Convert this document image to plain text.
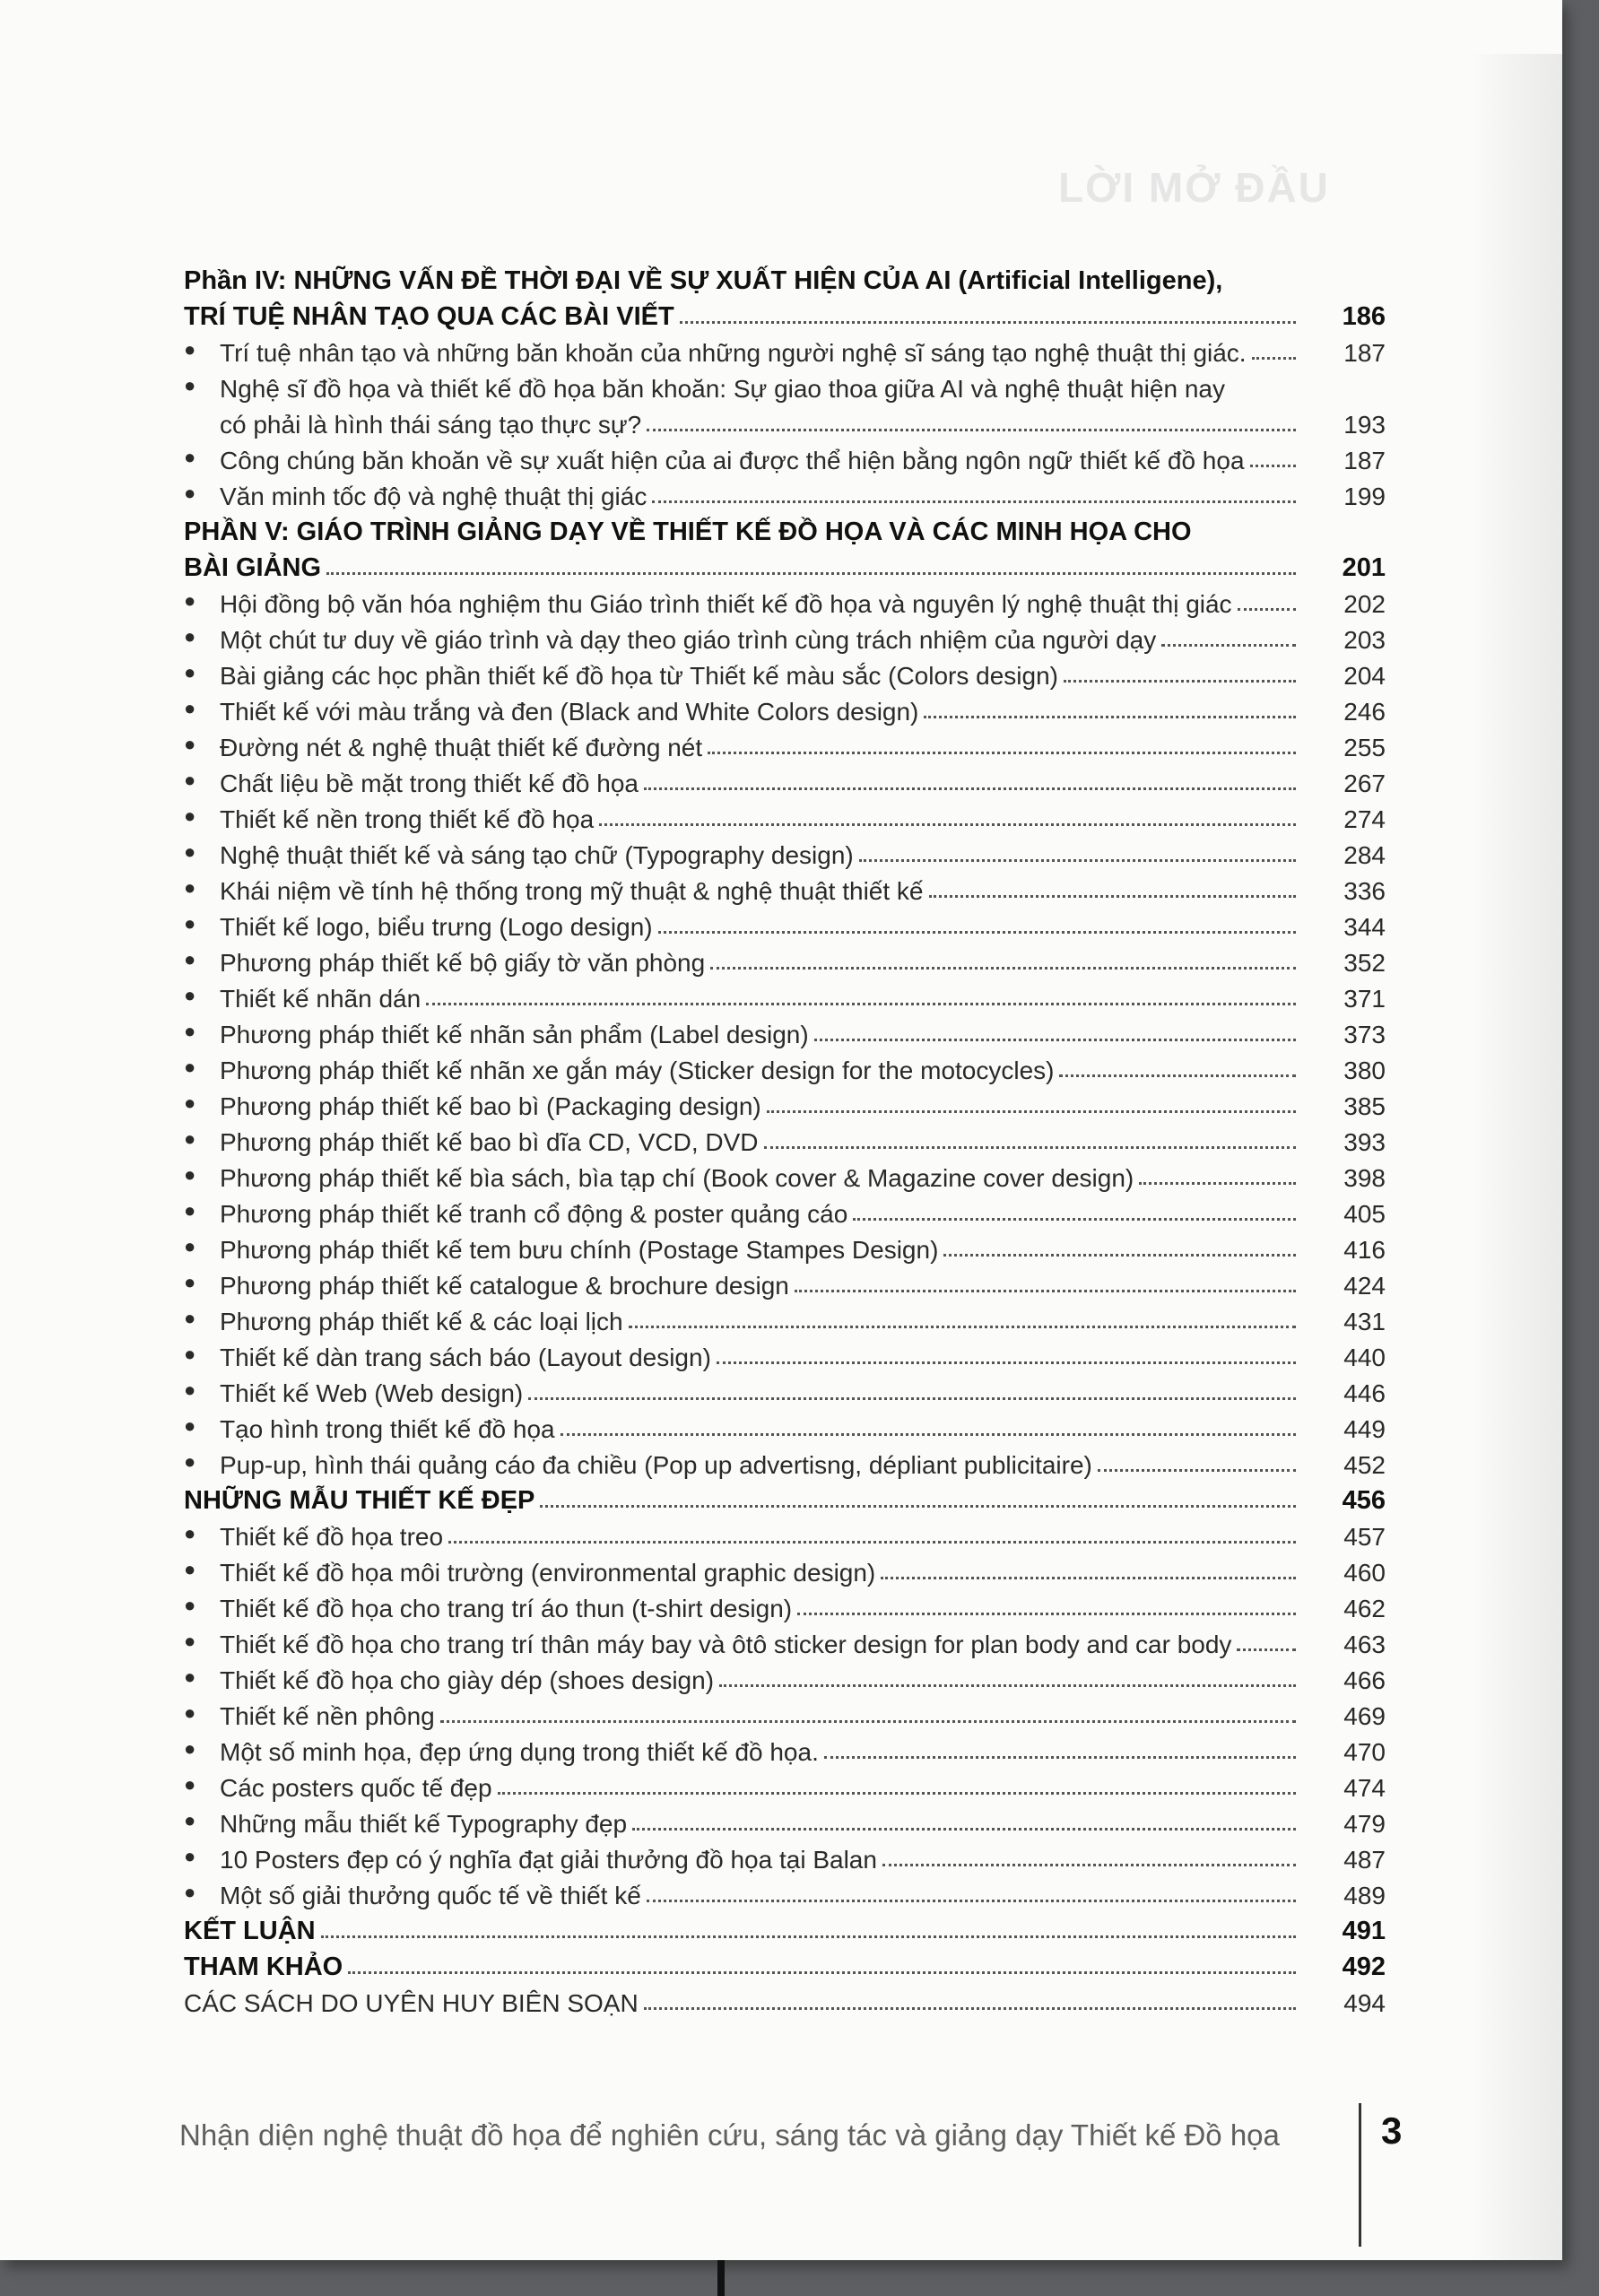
LỜI MỞ ĐẦU
Phần IV: NHỮNG VẤN ĐỀ THỜI ĐẠI VỀ SỰ XUẤT HIỆN CỦA AI (Artificial Intelligene),
TRÍ TUỆ NHÂN TẠO QUA CÁC BÀI VIẾT	186
● Trí tuệ nhân tạo và những băn khoăn của những người nghệ sĩ sáng tạo nghệ thuật thị giác.	187
● Nghệ sĩ đồ họa và thiết kế đồ họa băn khoăn: Sự giao thoa giữa AI và nghệ thuật hiện nay
có phải là hình thái sáng tạo thực sự?	193
● Công chúng băn khoăn về sự xuất hiện của ai được thể hiện bằng ngôn ngữ thiết kế đồ họa	187
● Văn minh tốc độ và nghệ thuật thị giác	199
PHẦN V: GIÁO TRÌNH GIẢNG DẠY VỀ THIẾT KẾ ĐỒ HỌA VÀ CÁC MINH HỌA CHO
BÀI GIẢNG	201
● Hội đồng bộ văn hóa nghiệm thu Giáo trình thiết kế đồ họa và nguyên lý nghệ thuật thị giác	202
● Một chút tư duy về giáo trình và dạy theo giáo trình cùng trách nhiệm của người dạy	203
● Bài giảng các học phần thiết kế đồ họa từ Thiết kế màu sắc (Colors design)	204
● Thiết kế với màu trắng và đen (Black and White Colors design)	246
● Đường nét & nghệ thuật thiết kế đường nét	255
● Chất liệu bề mặt trong thiết kế đồ họa	267
● Thiết kế nền trong thiết kế đồ họa	274
● Nghệ thuật thiết kế và sáng tạo chữ (Typography design)	284
● Khái niệm về tính hệ thống trong mỹ thuật & nghệ thuật thiết kế	336
● Thiết kế logo, biểu trưng (Logo design)	344
● Phương pháp thiết kế bộ giấy tờ văn phòng	352
● Thiết kế nhãn dán	371
● Phương pháp thiết kế nhãn sản phẩm (Label design)	373
● Phương pháp thiết kế nhãn xe gắn máy (Sticker design for the motocycles)	380
● Phương pháp thiết kế bao bì (Packaging design)	385
● Phương pháp thiết kế bao bì dĩa CD, VCD, DVD	393
● Phương pháp thiết kế bìa sách, bìa tạp chí (Book cover & Magazine cover design)	398
● Phương pháp thiết kế tranh cổ động & poster quảng cáo	405
● Phương pháp thiết kế tem bưu chính (Postage Stampes Design)	416
● Phương pháp thiết kế catalogue & brochure design	424
● Phương pháp thiết kế & các loại lịch	431
● Thiết kế dàn trang sách báo (Layout design)	440
● Thiết kế Web (Web design)	446
● Tạo hình trong thiết kế đồ họa	449
● Pup-up, hình thái quảng cáo đa chiều (Pop up advertisng, dépliant publicitaire)	452
NHỮNG MẪU THIẾT KẾ ĐẸP	456
● Thiết kế đồ họa treo	457
● Thiết kế đồ họa môi trường (environmental graphic design)	460
● Thiết kế đồ họa cho trang trí áo thun (t-shirt design)	462
● Thiết kế đồ họa cho trang trí thân máy bay và ôtô sticker design for plan body and car body	463
● Thiết kế đồ họa cho giày dép (shoes design)	466
● Thiết kế nền phông	469
● Một số minh họa, đẹp ứng dụng trong thiết kế đồ họa.	470
● Các posters quốc tế đẹp	474
● Những mẫu thiết kế Typography đẹp	479
● 10 Posters đẹp có ý nghĩa đạt giải thưởng đồ họa tại Balan	487
● Một số giải thưởng quốc tế về thiết kế	489
KẾT LUẬN	491
THAM KHẢO	492
CÁC SÁCH DO UYÊN HUY BIÊN SOẠN	494
Nhận diện nghệ thuật đồ họa để nghiên cứu, sáng tác và giảng dạy Thiết kế Đồ họa	3
